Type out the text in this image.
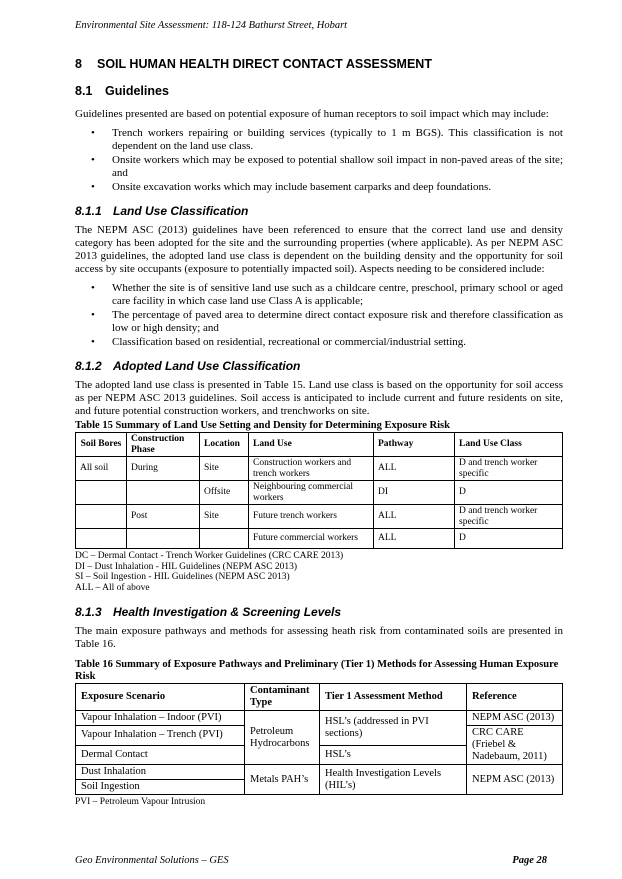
Environmental Site Assessment: 118-124 Bathurst Street, Hobart
8 SOIL HUMAN HEALTH DIRECT CONTACT ASSESSMENT
8.1 Guidelines

Guidelines presented are based on potential exposure of human receptors to soil impact which may include:

• Trench workers repairing or building services (typically to 1 m BGS). This classification is not dependent on the land use class.
• Onsite workers which may be exposed to potential shallow soil impact in non-paved areas of the site; and
• Onsite excavation works which may include basement carparks and deep foundations.
8.1.1 Land Use Classification

The NEPM ASC (2013) guidelines have been referenced to ensure that the correct land use and density category has been adopted for the site and the surrounding properties (where applicable). As per NEPM ASC 2013 guidelines, the adopted land use class is dependent on the building density and the opportunity for soil access by site occupants (exposure to potentially impacted soil). Aspects needing to be considered include:

• Whether the site is of sensitive land use such as a childcare centre, preschool, primary school or aged care facility in which case land use Class A is applicable;
• The percentage of paved area to determine direct contact exposure risk and therefore classification as low or high density; and
• Classification based on residential, recreational or commercial/industrial setting.
8.1.2 Adopted Land Use Classification

The adopted land use class is presented in Table 15. Land use class is based on the opportunity for soil access as per NEPM ASC 2013 guidelines. Soil access is anticipated to include current and future residents on site, and future potential construction workers, and trenchworks on site.

Table 15 Summary of Land Use Setting and Density for Determining Exposure Risk
Soil Bores	Construction Phase	Location	Land Use	Pathway	Land Use Class
All soil	During	Site	Construction workers and trench workers	ALL	D and trench worker specific
		Offsite	Neighbouring commercial workers	DI	D
	Post	Site	Future trench workers	ALL	D and trench worker specific
			Future commercial workers	ALL	D
DC – Dermal Contact - Trench Worker Guidelines (CRC CARE 2013)
DI – Dust Inhalation - HIL Guidelines (NEPM ASC 2013)
SI – Soil Ingestion - HIL Guidelines (NEPM ASC 2013)
ALL – All of above
8.1.3 Health Investigation & Screening Levels

The main exposure pathways and methods for assessing heath risk from contaminated soils are presented in Table 16.

Table 16 Summary of Exposure Pathways and Preliminary (Tier 1) Methods for Assessing Human Exposure Risk
Exposure Scenario	Contaminant Type	Tier 1 Assessment Method	Reference
Vapour Inhalation – Indoor (PVI)	Petroleum Hydrocarbons	HSL’s (addressed in PVI sections)	NEPM ASC (2013)
Vapour Inhalation – Trench (PVI)			CRC CARE (Friebel & Nadebaum, 2011)
Dermal Contact		HSL’s	
Dust Inhalation	Metals PAH’s	Health Investigation Levels (HIL’s)	NEPM ASC (2013)
Soil Ingestion			
PVI – Petroleum Vapour Intrusion
Geo Environmental Solutions – GES	Page 28
